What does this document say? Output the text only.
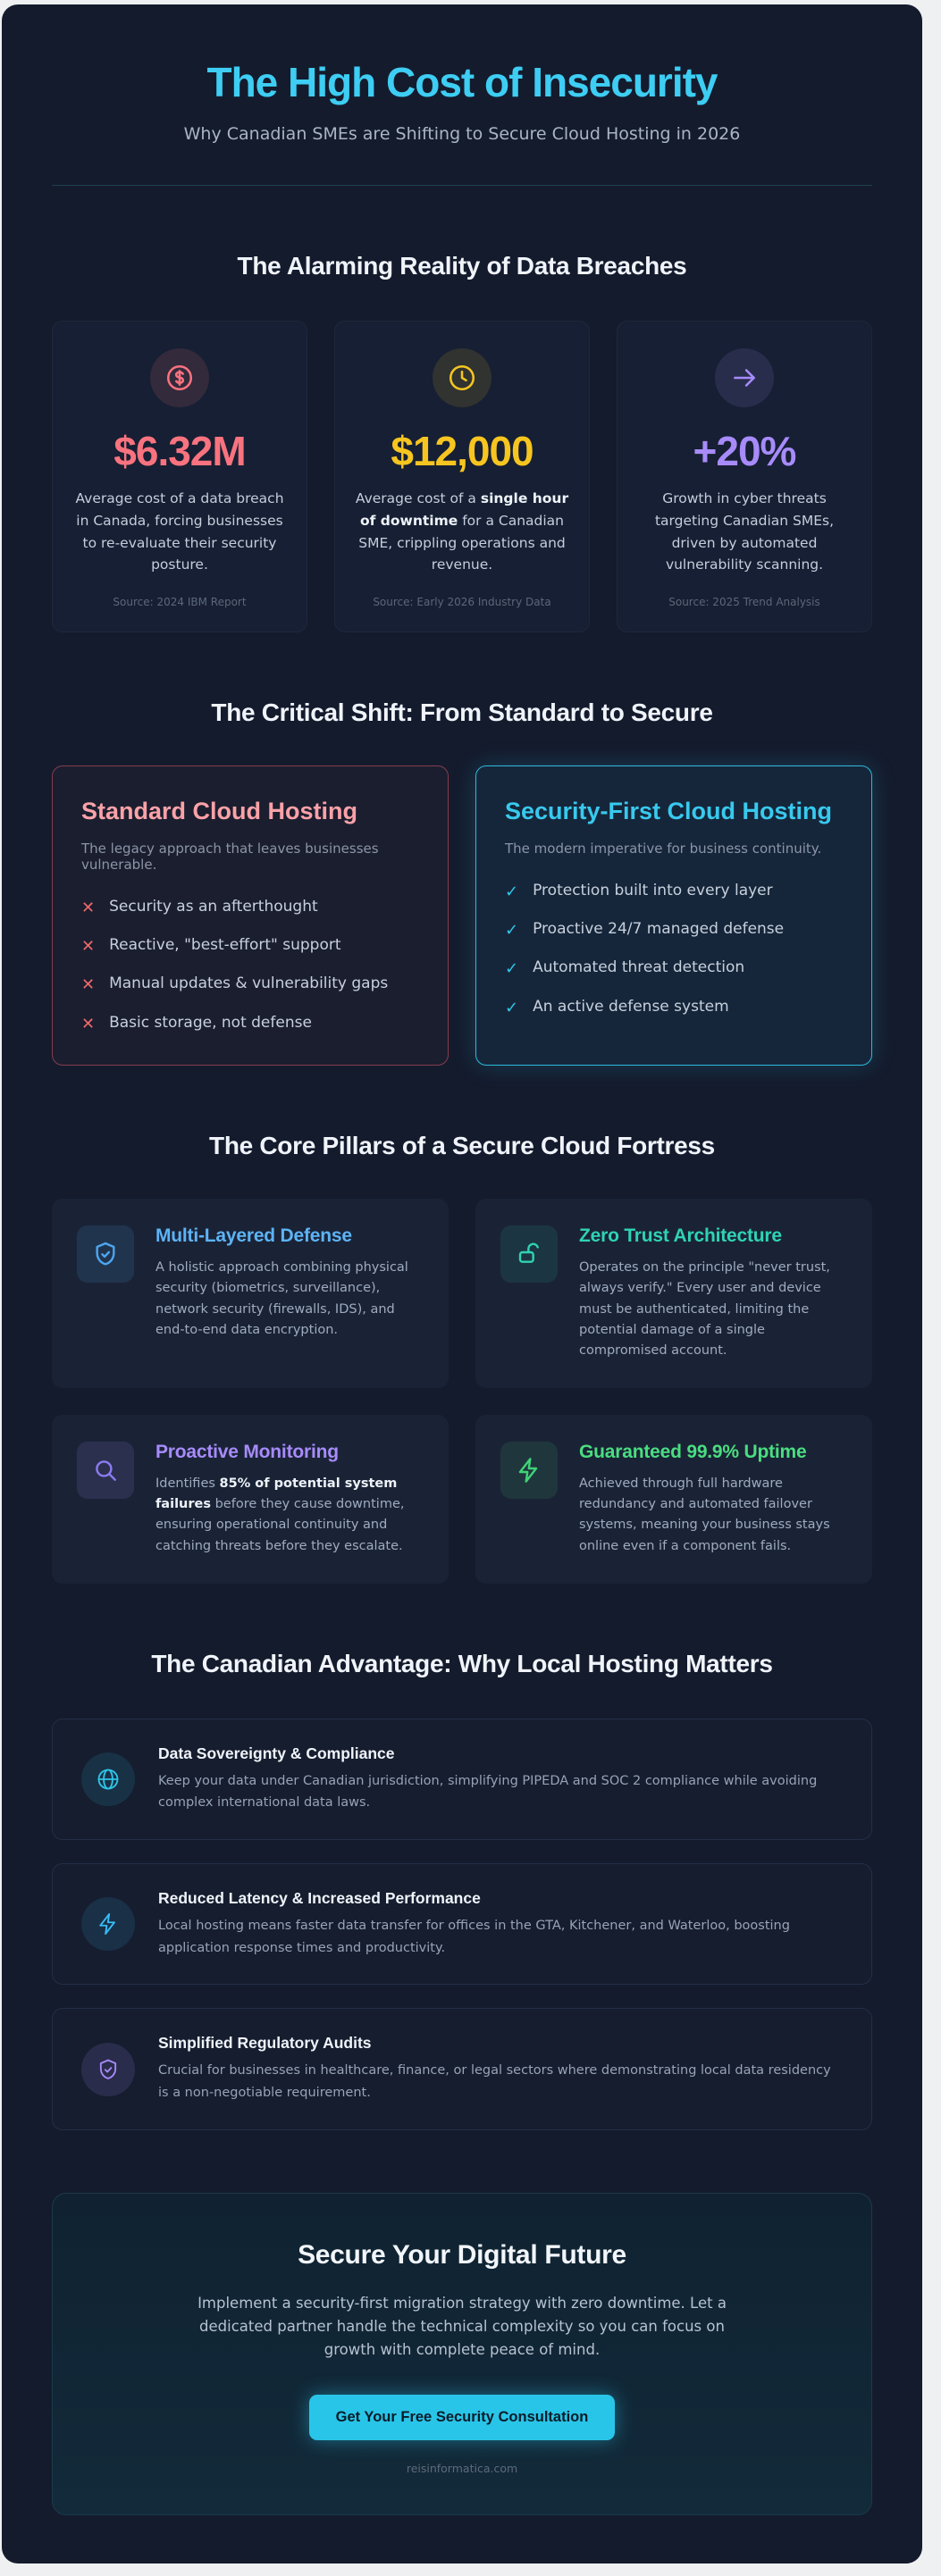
The High Cost of Insecurity

Why Canadian SMEs are Shifting to Secure Cloud Hosting in 2026

The Alarming Reality of Data Breaches
$6.32M

Average cost of a data breach in Canada, forcing businesses to re-evaluate their security posture.

Source: 2024 IBM Report
$12,000

Average cost of a single hour of downtime for a Canadian SME, crippling operations and revenue.

Source: Early 2026 Industry Data
+20%

Growth in cyber threats targeting Canadian SMEs, driven by automated vulnerability scanning.

Source: 2025 Trend Analysis
The Critical Shift: From Standard to Secure
Standard Cloud Hosting

The legacy approach that leaves businesses vulnerable.

✕ Security as an afterthought
✕ Reactive, "best-effort" support
✕ Manual updates & vulnerability gaps
✕ Basic storage, not defense
Security-First Cloud Hosting

The modern imperative for business continuity.

✓ Protection built into every layer
✓ Proactive 24/7 managed defense
✓ Automated threat detection
✓ An active defense system
The Core Pillars of a Secure Cloud Fortress
Multi-Layered Defense

A holistic approach combining physical security (biometrics, surveillance), network security (firewalls, IDS), and end-to-end data encryption.

Zero Trust Architecture

Operates on the principle "never trust, always verify." Every user and device must be authenticated, limiting the potential damage of a single compromised account.

Proactive Monitoring

Identifies 85% of potential system failures before they cause downtime, ensuring operational continuity and catching threats before they escalate.

Guaranteed 99.9% Uptime

Achieved through full hardware redundancy and automated failover systems, meaning your business stays online even if a component fails.

The Canadian Advantage: Why Local Hosting Matters
Data Sovereignty & Compliance

Keep your data under Canadian jurisdiction, simplifying PIPEDA and SOC 2 compliance while avoiding complex international data laws.

Reduced Latency & Increased Performance

Local hosting means faster data transfer for offices in the GTA, Kitchener, and Waterloo, boosting application response times and productivity.

Simplified Regulatory Audits

Crucial for businesses in healthcare, finance, or legal sectors where demonstrating local data residency is a non-negotiable requirement.

Secure Your Digital Future

Implement a security-first migration strategy with zero downtime. Let a dedicated partner handle the technical complexity so you can focus on growth with complete peace of mind.

Get Your Free Security Consultation
reisinformatica.com
